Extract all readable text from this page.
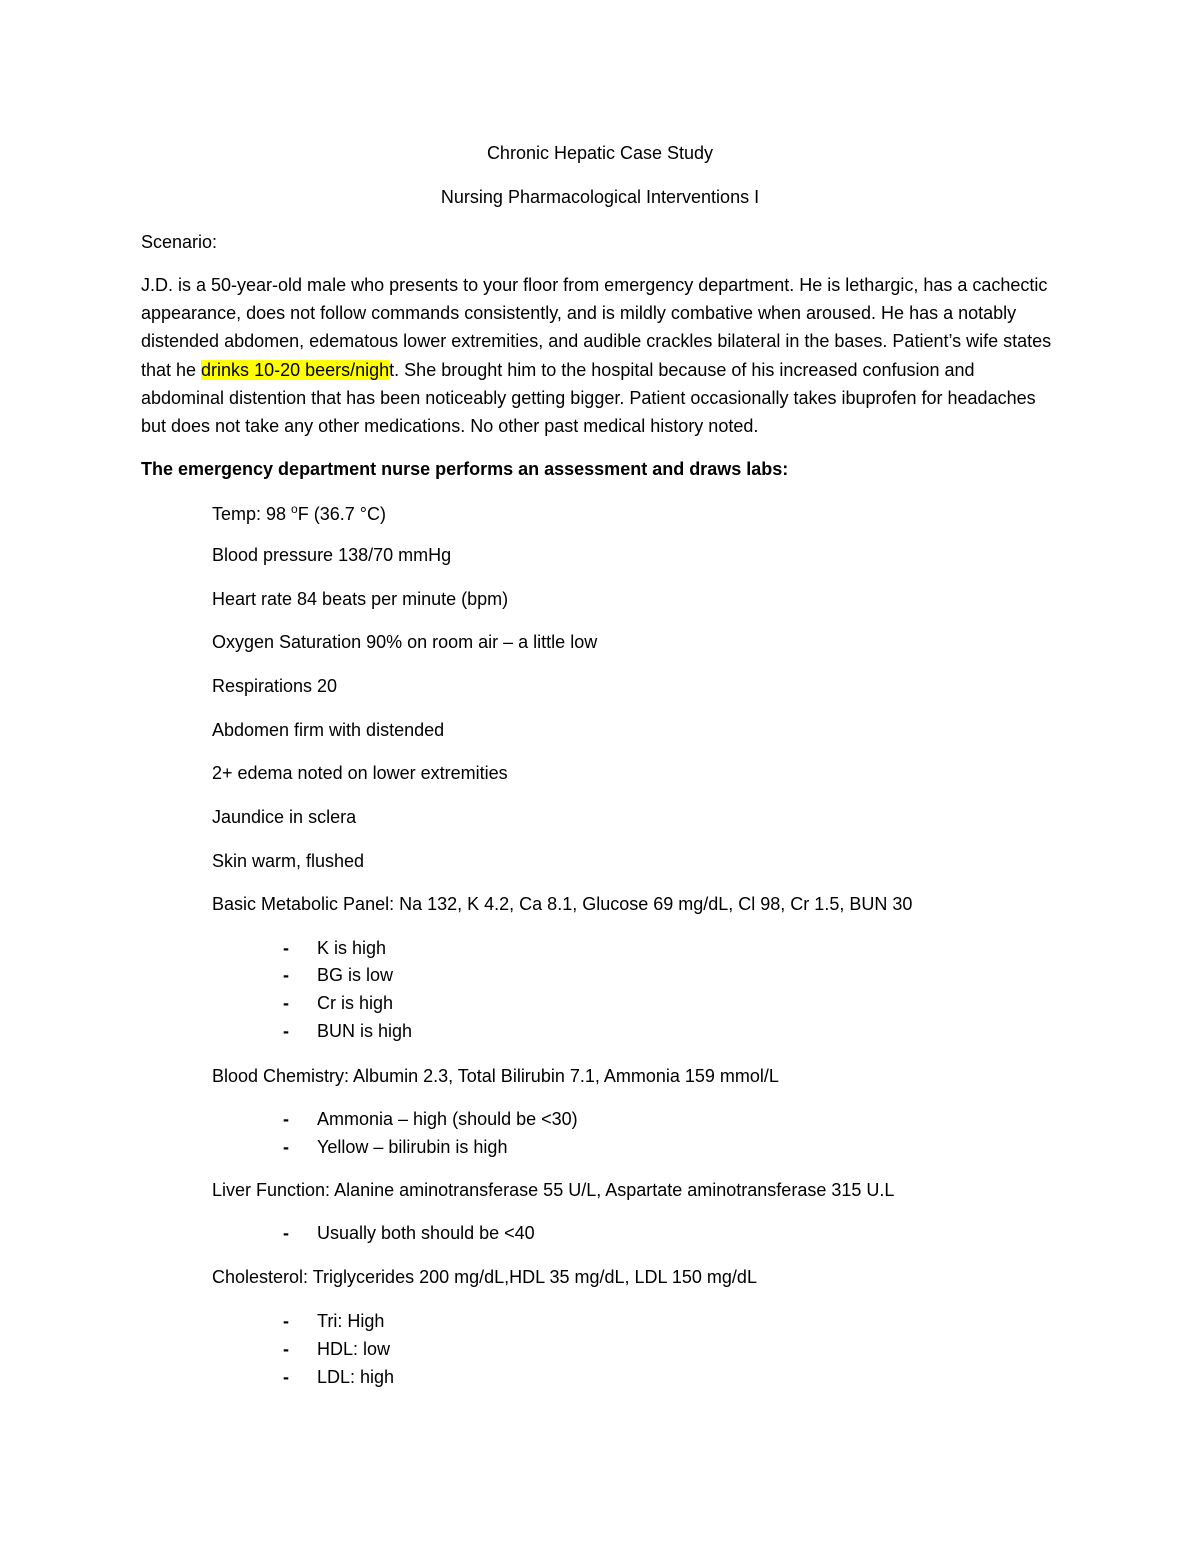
Chronic Hepatic Case Study
Nursing Pharmacological Interventions I
Scenario:
J.D. is a 50-year-old male who presents to your floor from emergency department. He is lethargic, has a cachectic appearance, does not follow commands consistently, and is mildly combative when aroused. He has a notably distended abdomen, edematous lower extremities, and audible crackles bilateral in the bases. Patient’s wife states that he drinks 10-20 beers/night. She brought him to the hospital because of his increased confusion and abdominal distention that has been noticeably getting bigger. Patient occasionally takes ibuprofen for headaches but does not take any other medications. No other past medical history noted.
The emergency department nurse performs an assessment and draws labs:
Temp: 98 $^o$F (36.7 °C)
Blood pressure 138/70 mmHg
Heart rate 84 beats per minute (bpm)
Oxygen Saturation 90% on room air – a little low
Respirations 20
Abdomen firm with distended
2+ edema noted on lower extremities
Jaundice in sclera
Skin warm, flushed
Basic Metabolic Panel: Na 132, K 4.2, Ca 8.1, Glucose 69 mg/dL, Cl 98, Cr 1.5, BUN 30
- K is high
- BG is low
- Cr is high
- BUN is high
Blood Chemistry: Albumin 2.3, Total Bilirubin 7.1, Ammonia 159 mmol/L
- Ammonia – high (should be <30)
- Yellow – bilirubin is high
Liver Function: Alanine aminotransferase 55 U/L, Aspartate aminotransferase 315 U.L
- Usually both should be <40
Cholesterol: Triglycerides 200 mg/dL,HDL 35 mg/dL, LDL 150 mg/dL
- Tri: High
- HDL: low
- LDL: high
